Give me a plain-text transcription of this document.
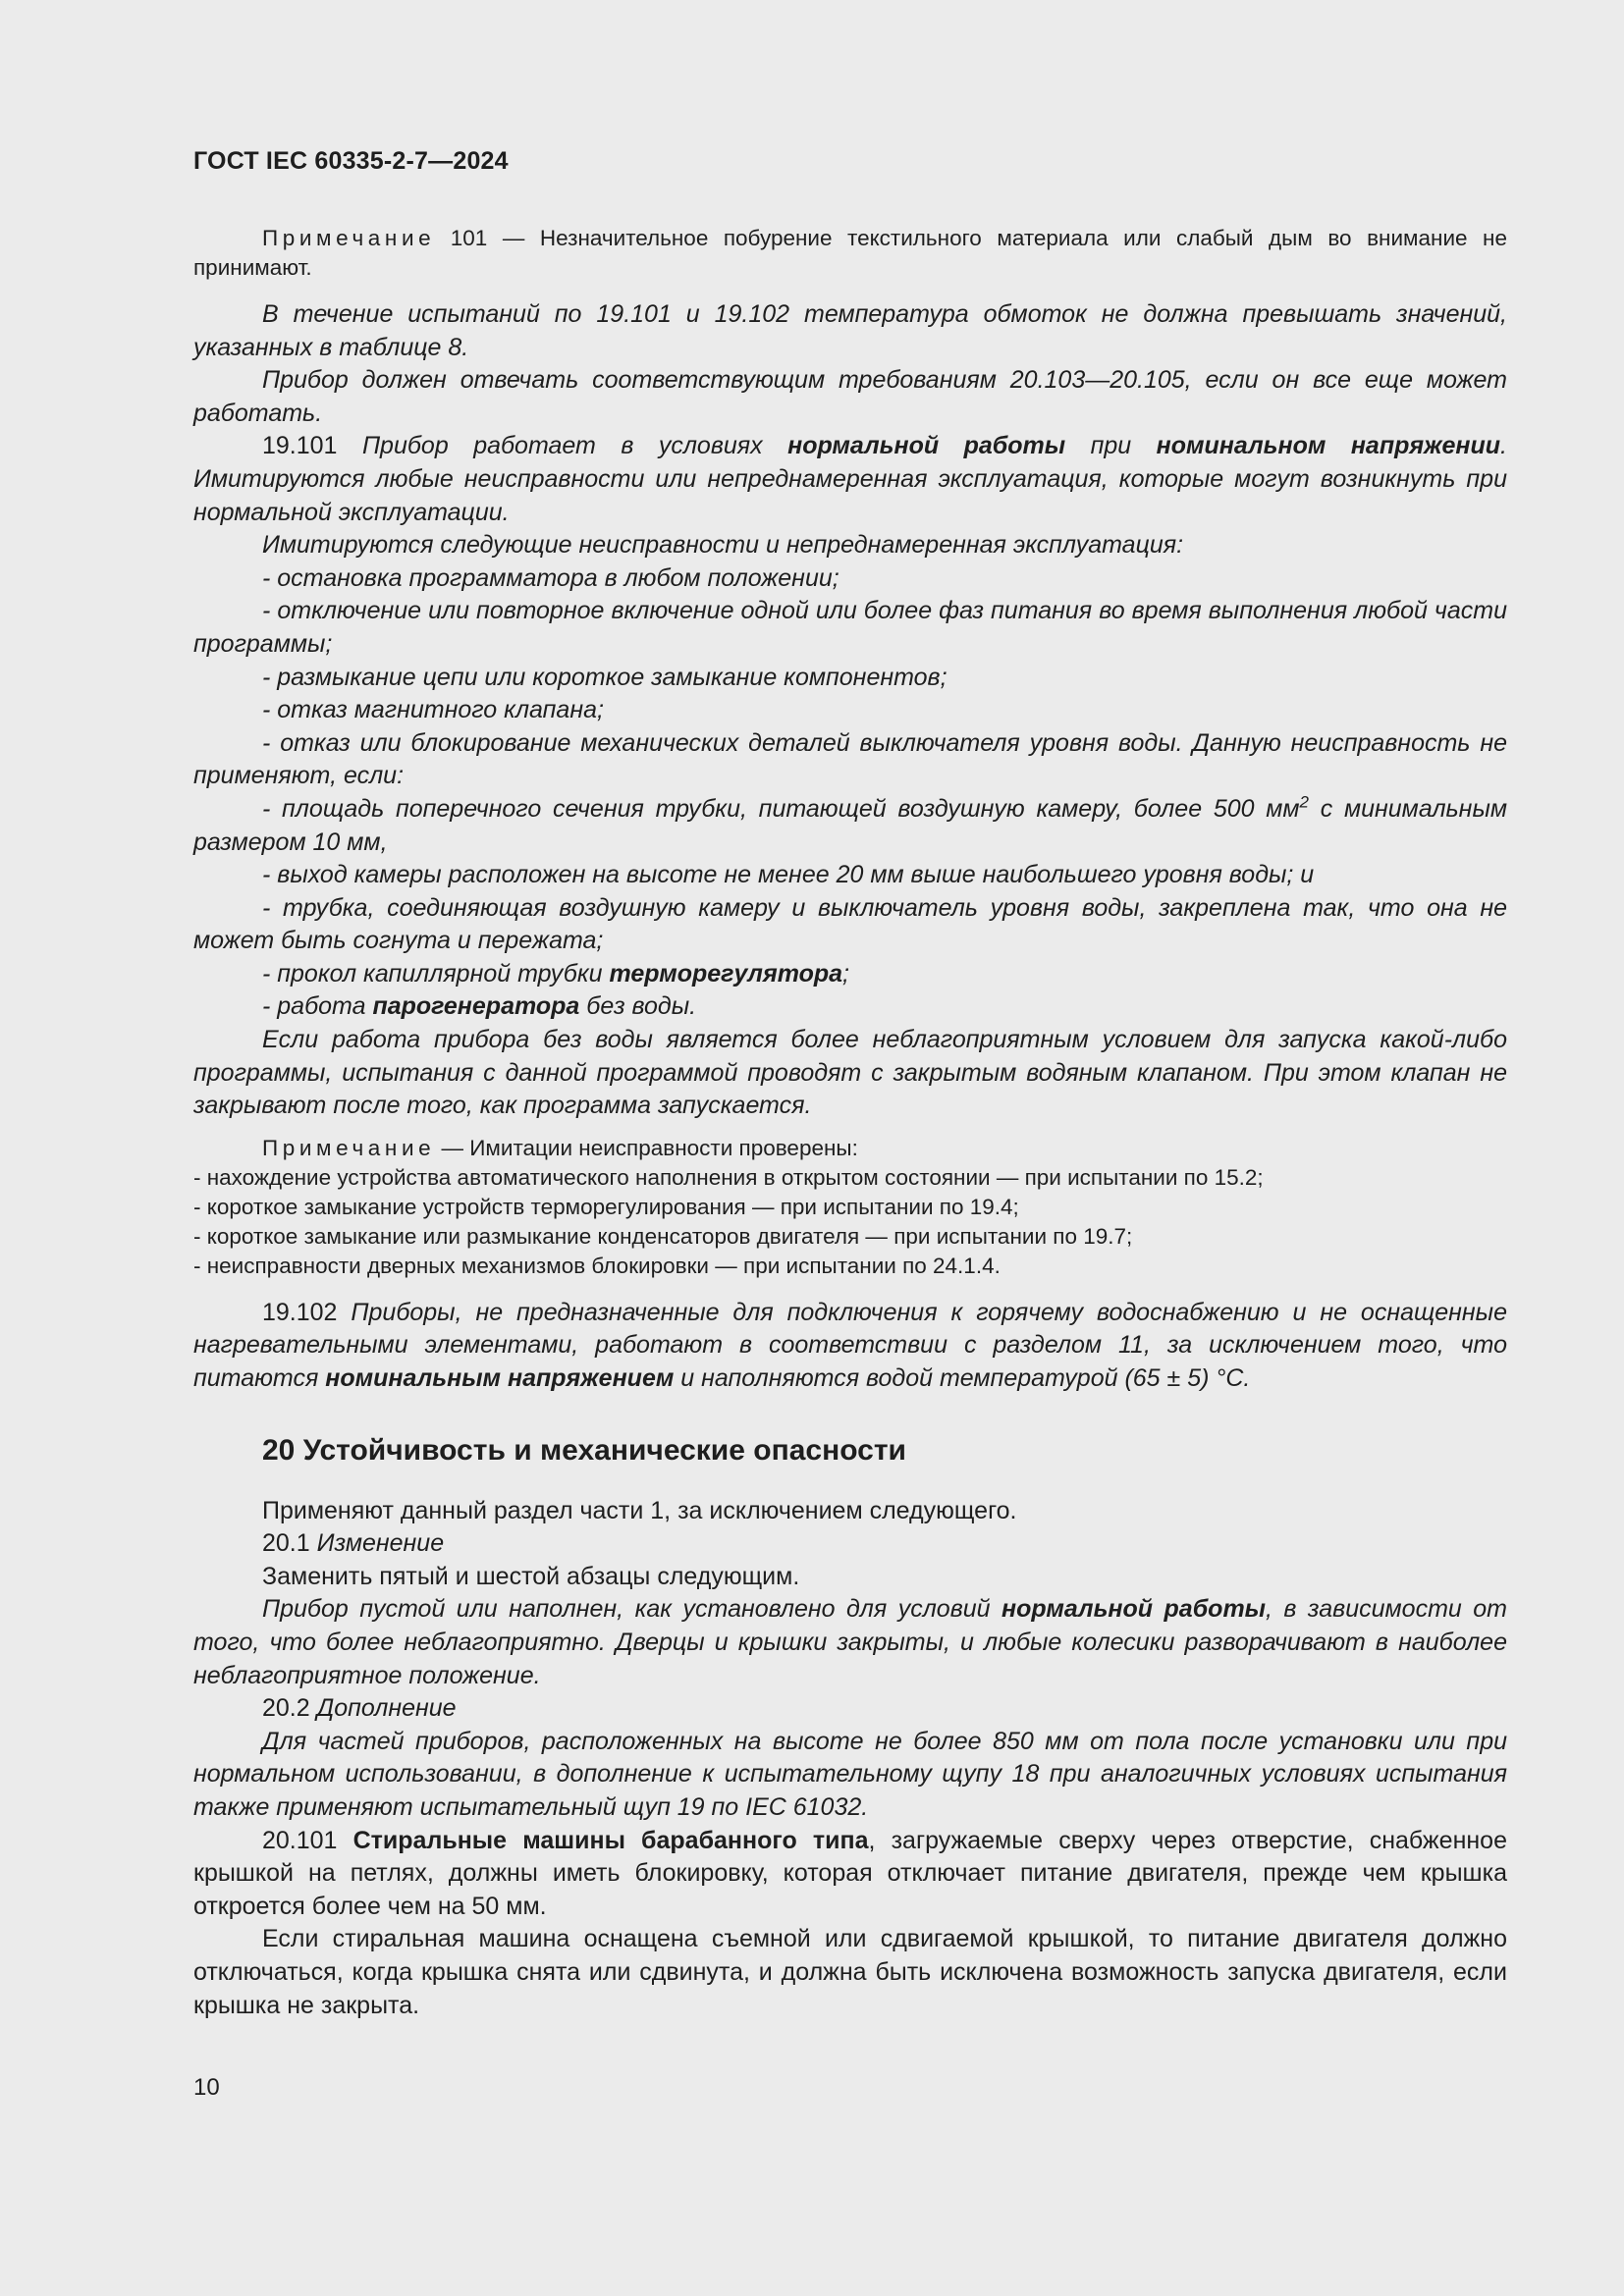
ГОСТ IEC 60335-2-7—2024

Примечание 101 — Незначительное побурение текстильного материала или слабый дым во внимание не принимают.

В течение испытаний по 19.101 и 19.102 температура обмоток не должна превышать значений, указанных в таблице 8.

Прибор должен отвечать соответствующим требованиям 20.103—20.105, если он все еще может работать.

19.101 Прибор работает в условиях нормальной работы при номинальном напряжении. Имитируются любые неисправности или непреднамеренная эксплуатация, которые могут возникнуть при нормальной эксплуатации.

Имитируются следующие неисправности и непреднамеренная эксплуатация:

- остановка программатора в любом положении;

- отключение или повторное включение одной или более фаз питания во время выполнения любой части программы;

- размыкание цепи или короткое замыкание компонентов;

- отказ магнитного клапана;

- отказ или блокирование механических деталей выключателя уровня воды. Данную неисправность не применяют, если:

- площадь поперечного сечения трубки, питающей воздушную камеру, более 500 $мм^2$ с минимальным размером 10 мм,

- выход камеры расположен на высоте не менее 20 мм выше наибольшего уровня воды; и

- трубка, соединяющая воздушную камеру и выключатель уровня воды, закреплена так, что она не может быть согнута и пережата;

- прокол капиллярной трубки терморегулятора;

- работа парогенератора без воды.

Если работа прибора без воды является более неблагоприятным условием для запуска какой-либо программы, испытания с данной программой проводят с закрытым водяным клапаном. При этом клапан не закрывают после того, как программа запускается.

Примечание — Имитации неисправности проверены:

- нахождение устройства автоматического наполнения в открытом состоянии — при испытании по 15.2;

- короткое замыкание устройств терморегулирования — при испытании по 19.4;

- короткое замыкание или размыкание конденсаторов двигателя — при испытании по 19.7;

- неисправности дверных механизмов блокировки — при испытании по 24.1.4.

19.102 Приборы, не предназначенные для подключения к горячему водоснабжению и не оснащенные нагревательными элементами, работают в соответствии с разделом 11, за исключением того, что питаются номинальным напряжением и наполняются водой температурой (65 ± 5) °С.

20 Устойчивость и механические опасности

Применяют данный раздел части 1, за исключением следующего.

20.1 Изменение

Заменить пятый и шестой абзацы следующим.

Прибор пустой или наполнен, как установлено для условий нормальной работы, в зависимости от того, что более неблагоприятно. Дверцы и крышки закрыты, и любые колесики разворачивают в наиболее неблагоприятное положение.

20.2 Дополнение

Для частей приборов, расположенных на высоте не более 850 мм от пола после установки или при нормальном использовании, в дополнение к испытательному щупу 18 при аналогичных условиях испытания также применяют испытательный щуп 19 по IEC 61032.

20.101 Стиральные машины барабанного типа, загружаемые сверху через отверстие, снабженное крышкой на петлях, должны иметь блокировку, которая отключает питание двигателя, прежде чем крышка откроется более чем на 50 мм.

Если стиральная машина оснащена съемной или сдвигаемой крышкой, то питание двигателя должно отключаться, когда крышка снята или сдвинута, и должна быть исключена возможность запуска двигателя, если крышка не закрыта.

10
